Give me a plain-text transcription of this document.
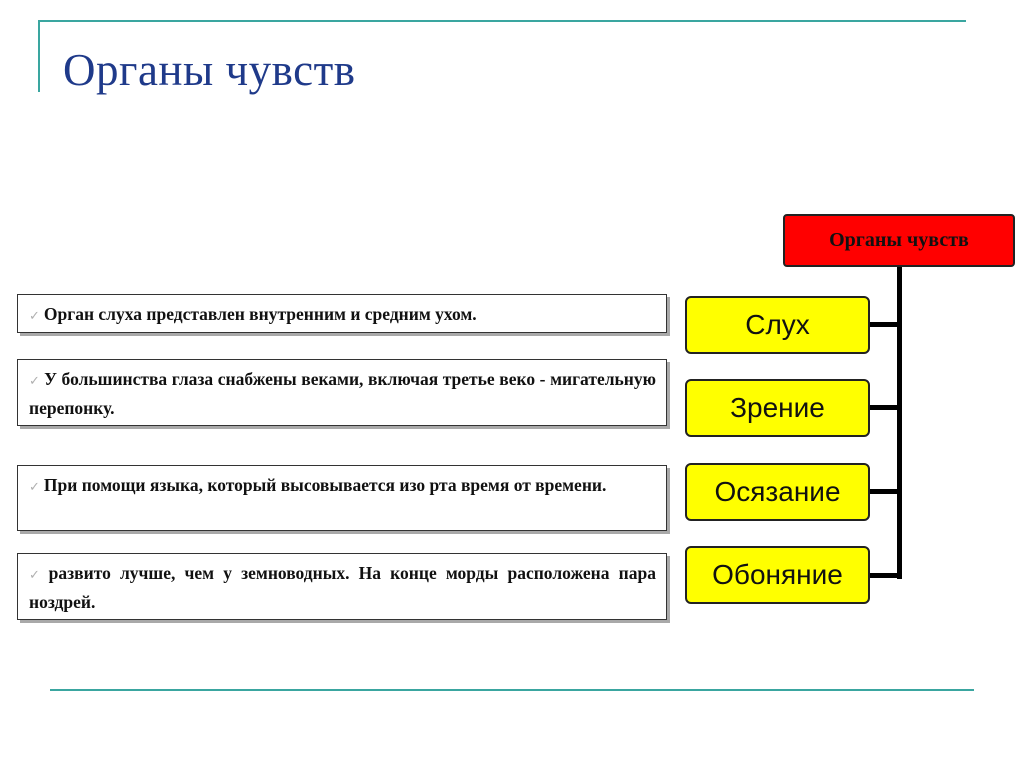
Органы чувств
✓ Орган слуха представлен внутренним и средним ухом.
✓ У большинства глаза снабжены веками, включая третье веко - мигательную перепонку.
✓ При помощи языка, который высовывается изо рта время от времени.
✓ развито лучше, чем у земноводных. На конце морды расположена пара ноздрей.
Органы чувств
Слух
Зрение
Осязание
Обоняние
